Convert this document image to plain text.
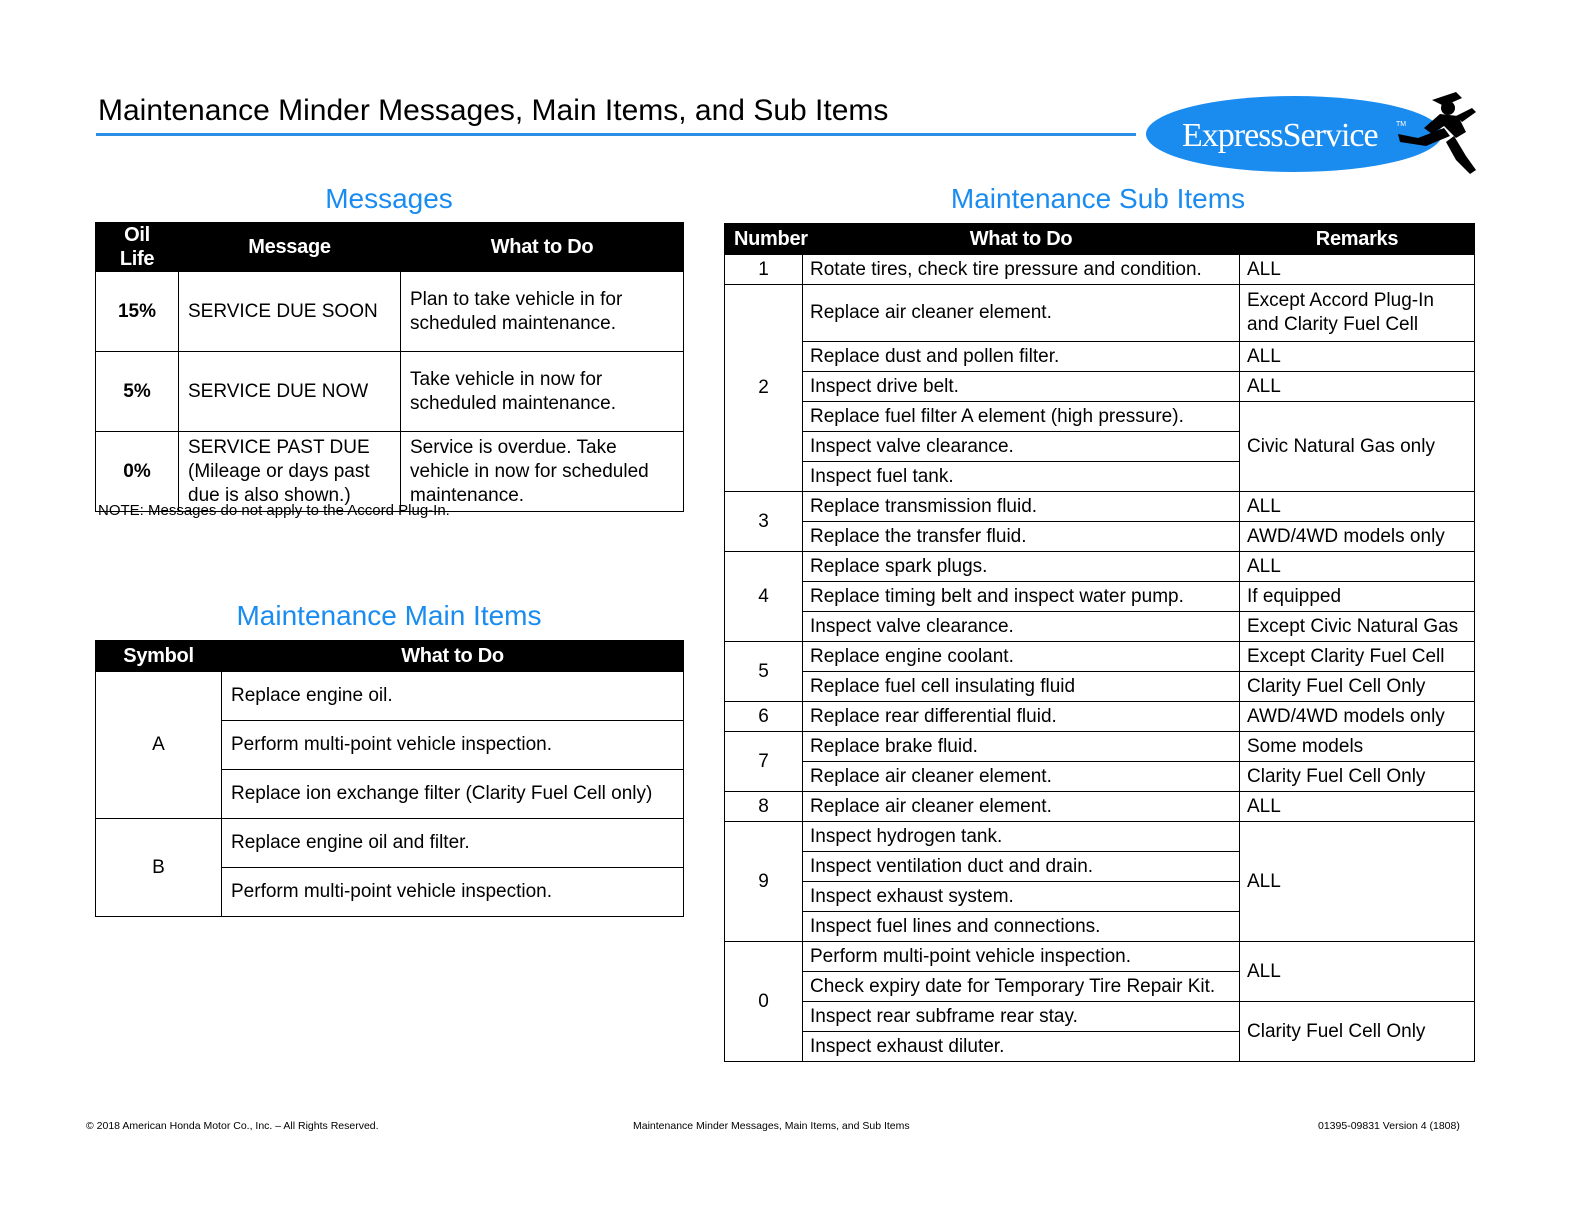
Maintenance Minder Messages, Main Items, and Sub Items
ExpressService	TM
Messages
Oil Life	Message	What to Do
15%	SERVICE DUE SOON	Plan to take vehicle in for scheduled maintenance.
5%	SERVICE DUE NOW	Take vehicle in now for scheduled maintenance.
0%	SERVICE PAST DUE (Mileage or days past due is also shown.)	Service is overdue. Take vehicle in now for scheduled maintenance.
NOTE: Messages do not apply to the Accord Plug-In.
Maintenance Main Items
Symbol	What to Do
A	Replace engine oil.
	Perform multi-point vehicle inspection.
	Replace ion exchange filter (Clarity Fuel Cell only)
B	Replace engine oil and filter.
	Perform multi-point vehicle inspection.
Maintenance Sub Items
Number	What to Do	Remarks
1	Rotate tires, check tire pressure and condition.	ALL
2	Replace air cleaner element.	Except Accord Plug-In and Clarity Fuel Cell
	Replace dust and pollen filter.	ALL
	Inspect drive belt.	ALL
	Replace fuel filter A element (high pressure).	Civic Natural Gas only
	Inspect valve clearance.	
	Inspect fuel tank.	
3	Replace transmission fluid.	ALL
	Replace the transfer fluid.	AWD/4WD models only
4	Replace spark plugs.	ALL
	Replace timing belt and inspect water pump.	If equipped
	Inspect valve clearance.	Except Civic Natural Gas
5	Replace engine coolant.	Except Clarity Fuel Cell
	Replace fuel cell insulating fluid	Clarity Fuel Cell Only
6	Replace rear differential fluid.	AWD/4WD models only
7	Replace brake fluid.	Some models
	Replace air cleaner element.	Clarity Fuel Cell Only
8	Replace air cleaner element.	ALL
9	Inspect hydrogen tank.	ALL
	Inspect ventilation duct and drain.	
	Inspect exhaust system.	
	Inspect fuel lines and connections.	
0	Perform multi-point vehicle inspection.	ALL
	Check expiry date for Temporary Tire Repair Kit.	
	Inspect rear subframe rear stay.	Clarity Fuel Cell Only
	Inspect exhaust diluter.	
© 2018 American Honda Motor Co., Inc. – All Rights Reserved.	Maintenance Minder Messages, Main Items, and Sub Items	01395-09831 Version 4 (1808)
